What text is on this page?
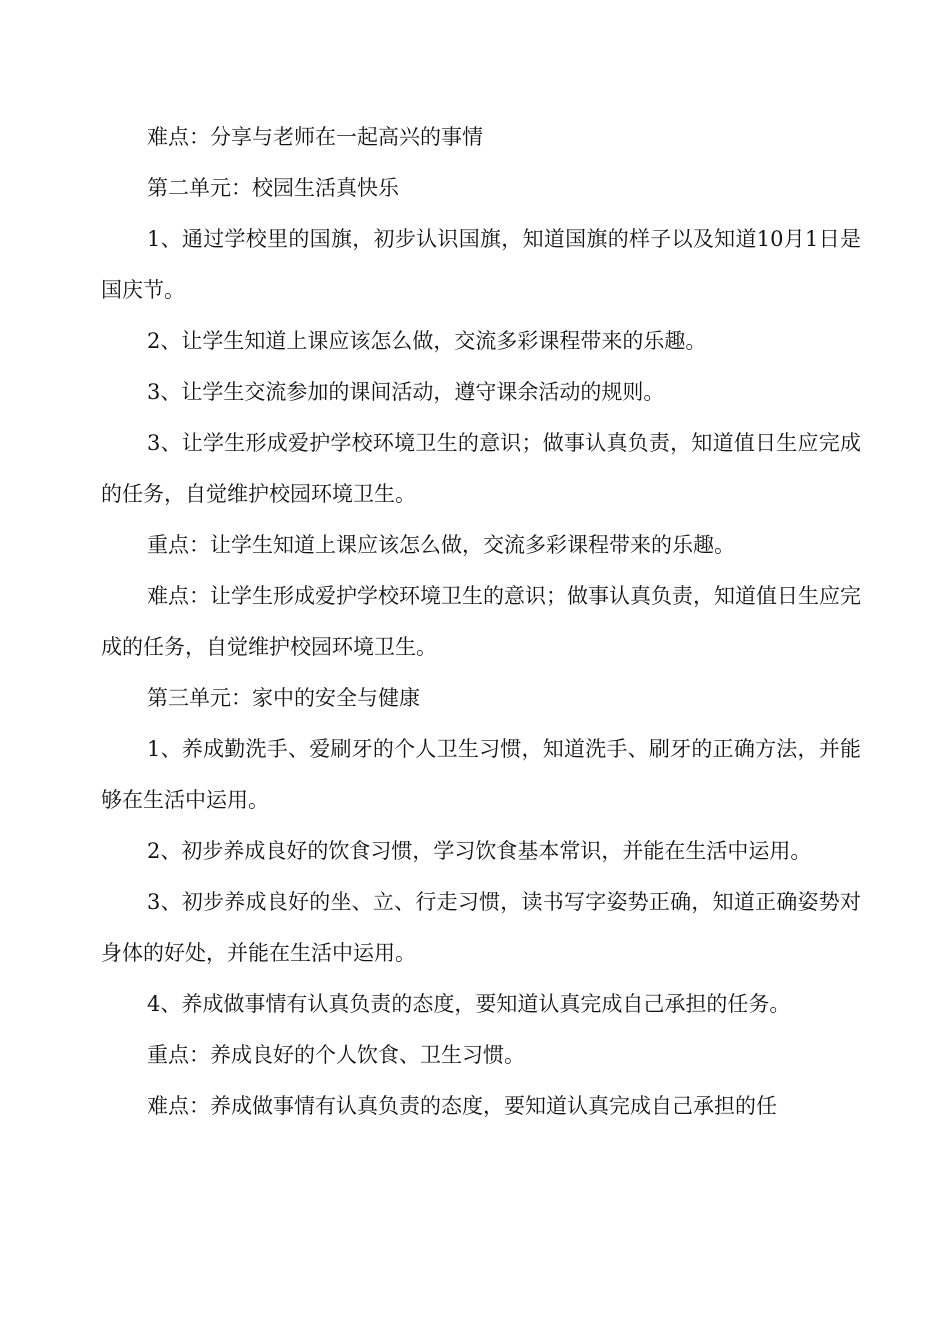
难点：分享与老师在一起高兴的事情

第二单元：校园生活真快乐

1、通过学校里的国旗，初步认识国旗，知道国旗的样子以及知道10月1日是国庆节。

2、让学生知道上课应该怎么做，交流多彩课程带来的乐趣。

3、让学生交流参加的课间活动，遵守课余活动的规则。

3、让学生形成爱护学校环境卫生的意识；做事认真负责，知道值日生应完成的任务，自觉维护校园环境卫生。

重点：让学生知道上课应该怎么做，交流多彩课程带来的乐趣。

难点：让学生形成爱护学校环境卫生的意识；做事认真负责，知道值日生应完成的任务，自觉维护校园环境卫生。

第三单元：家中的安全与健康

1、养成勤洗手、爱刷牙的个人卫生习惯，知道洗手、刷牙的正确方法，并能够在生活中运用。

2、初步养成良好的饮食习惯，学习饮食基本常识，并能在生活中运用。

3、初步养成良好的坐、立、行走习惯，读书写字姿势正确，知道正确姿势对身体的好处，并能在生活中运用。

4、养成做事情有认真负责的态度，要知道认真完成自己承担的任务。

重点：养成良好的个人饮食、卫生习惯。

难点：养成做事情有认真负责的态度，要知道认真完成自己承担的任
